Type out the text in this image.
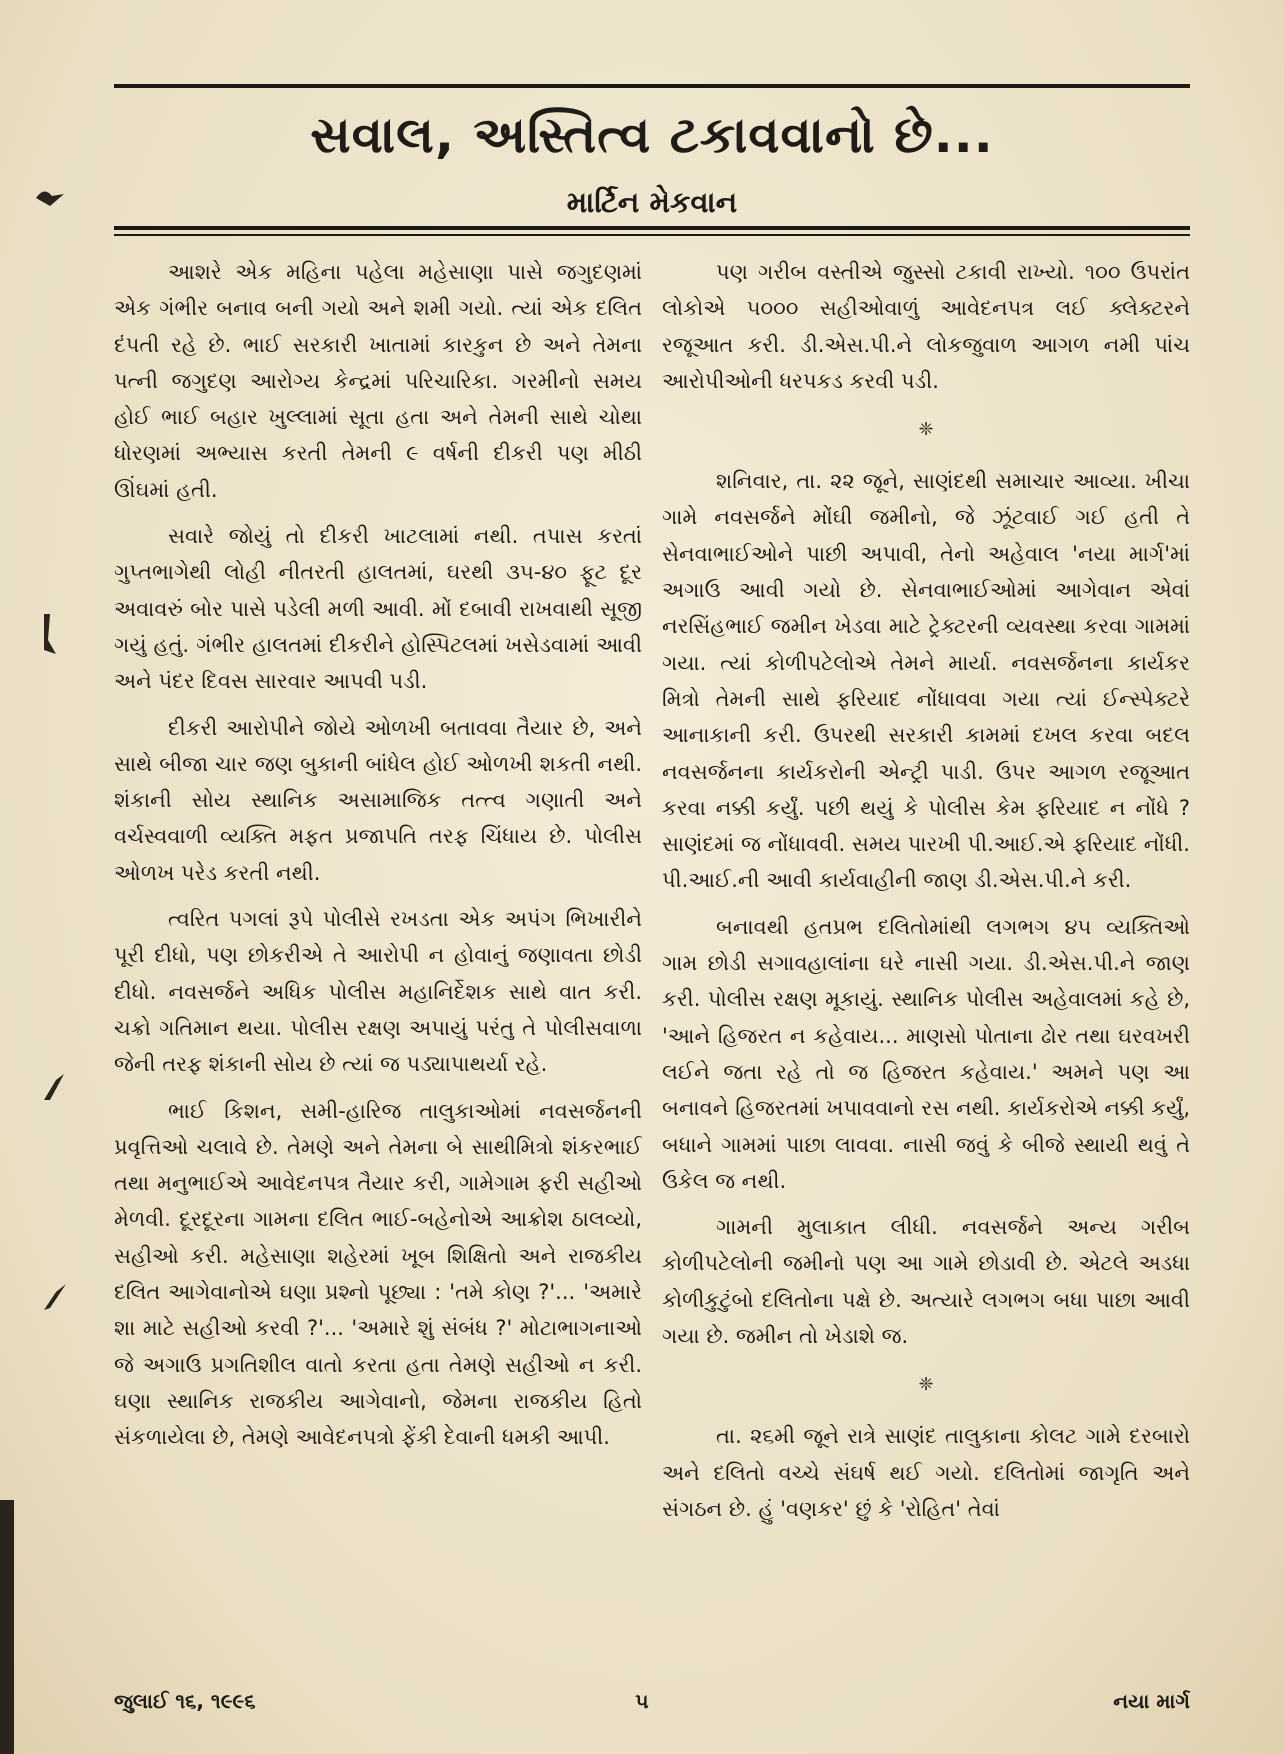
સવાલ, અસ્તિત્વ ટકાવવાનો છે...
માર્ટિન મેકવાન

આશરે એક મહિના પહેલા મહેસાણા પાસે જગુદણમાં એક ગંભીર બનાવ બની ગયો અને શમી ગયો. ત્યાં એક દલિત દંપતી રહે છે. ભાઈ સરકારી ખાતામાં કારકુન છે અને તેમના પત્ની જગુદણ આરોગ્ય કેન્દ્રમાં પરિચારિકા. ગરમીનો સમય હોઈ ભાઈ બહાર ખુલ્લામાં સૂતા હતા અને તેમની સાથે ચોથા ધોરણમાં અભ્યાસ કરતી તેમની ૯ વર્ષની દીકરી પણ મીઠી ઊંઘમાં હતી.

સવારે જોયું તો દીકરી ખાટલામાં નથી. તપાસ કરતાં ગુપ્તભાગેથી લોહી નીતરતી હાલતમાં, ઘરથી ૩૫-૪૦ ફૂટ દૂર અવાવરું બોર પાસે પડેલી મળી આવી. મોં દબાવી રાખવાથી સૂજી ગયું હતું. ગંભીર હાલતમાં દીકરીને હોસ્પિટલમાં ખસેડવામાં આવી અને પંદર દિવસ સારવાર આપવી પડી.

દીકરી આરોપીને જોયે ઓળખી બતાવવા તૈયાર છે, અને સાથે બીજા ચાર જણ બુકાની બાંધેલ હોઈ ઓળખી શકતી નથી. શંકાની સોય સ્થાનિક અસામાજિક તત્ત્વ ગણાતી અને વર્ચસ્વવાળી વ્યક્તિ મફત પ્રજાપતિ તરફ ચિંધાય છે. પોલીસ ઓળખ પરેડ કરતી નથી.

ત્વરિત પગલાં રૂપે પોલીસે રખડતા એક અપંગ ભિખારીને પૂરી દીધો, પણ છોકરીએ તે આરોપી ન હોવાનું જણાવતા છોડી દીધો. નવસર્જને અધિક પોલીસ મહાનિર્દેશક સાથે વાત કરી. ચક્રો ગતિમાન થયા. પોલીસ રક્ષણ અપાયું પરંતુ તે પોલીસવાળા જેની તરફ શંકાની સોય છે ત્યાં જ પડ્યાપાથર્યા રહે.

ભાઈ કિશન, સમી-હારિજ તાલુકાઓમાં નવસર્જનની પ્રવૃત્તિઓ ચલાવે છે. તેમણે અને તેમના બે સાથીમિત્રો શંકરભાઈ તથા મનુભાઈએ આવેદનપત્ર તૈયાર કરી, ગામેગામ ફરી સહીઓ મેળવી. દૂરદૂરના ગામના દલિત ભાઈ-બહેનોએ આક્રોશ ઠાલવ્યો, સહીઓ કરી. મહેસાણા શહેરમાં ખૂબ શિક્ષિતો અને રાજકીય દલિત આગેવાનોએ ઘણા પ્રશ્નો પૂછ્યા : 'તમે કોણ ?'... 'અમારે શા માટે સહીઓ કરવી ?'... 'અમારે શું સંબંધ ?' મોટાભાગનાઓ જે અગાઉ પ્રગતિશીલ વાતો કરતા હતા તેમણે સહીઓ ન કરી. ઘણા સ્થાનિક રાજકીય આગેવાનો, જેમના રાજકીય હિતો સંકળાયેલા છે, તેમણે આવેદનપત્રો ફેંકી દેવાની ધમકી આપી.

પણ ગરીબ વસ્તીએ જુસ્સો ટકાવી રાખ્યો. ૧૦૦ ઉપરાંત લોકોએ ૫૦૦૦ સહીઓવાળું આવેદનપત્ર લઈ ક્લેક્ટરને રજૂઆત કરી. ડી.એસ.પી.ને લોકજુવાળ આગળ નમી પાંચ આરોપીઓની ધરપકડ કરવી પડી.

❈

શનિવાર, તા. ૨૨ જૂને, સાણંદથી સમાચાર આવ્યા. ખીચા ગામે નવસર્જને મોંઘી જમીનો, જે ઝૂંટવાઈ ગઈ હતી તે સેનવાભાઈઓને પાછી અપાવી, તેનો અહેવાલ 'નયા માર્ગ'માં અગાઉ આવી ગયો છે. સેનવાભાઈઓમાં આગેવાન એવાં નરસિંહભાઈ જમીન ખેડવા માટે ટ્રેક્ટરની વ્યવસ્થા કરવા ગામમાં ગયા. ત્યાં કોળીપટેલોએ તેમને માર્યા. નવસર્જનના કાર્યકર મિત્રો તેમની સાથે ફરિયાદ નોંધાવવા ગયા ત્યાં ઈન્સ્પેક્ટરે આનાકાની કરી. ઉપરથી સરકારી કામમાં દખલ કરવા બદલ નવસર્જનના કાર્યકરોની એન્ટ્રી પાડી. ઉપર આગળ રજૂઆત કરવા નક્કી કર્યું. પછી થયું કે પોલીસ કેમ ફરિયાદ ન નોંધે ? સાણંદમાં જ નોંધાવવી. સમય પારખી પી.આઈ.એ ફરિયાદ નોંધી. પી.આઈ.ની આવી કાર્યવાહીની જાણ ડી.એસ.પી.ને કરી.

બનાવથી હતપ્રભ દલિતોમાંથી લગભગ ૪૫ વ્યક્તિઓ ગામ છોડી સગાવહાલાંના ઘરે નાસી ગયા. ડી.એસ.પી.ને જાણ કરી. પોલીસ રક્ષણ મૂકાયું. સ્થાનિક પોલીસ અહેવાલમાં કહે છે, 'આને હિજરત ન કહેવાય... માણસો પોતાના ઢોર તથા ઘરવખરી લઈને જતા રહે તો જ હિજરત કહેવાય.' અમને પણ આ બનાવને હિજરતમાં ખપાવવાનો રસ નથી. કાર્યકરોએ નક્કી કર્યું, બધાને ગામમાં પાછા લાવવા. નાસી જવું કે બીજે સ્થાયી થવું તે ઉકેલ જ નથી.

ગામની મુલાકાત લીધી. નવસર્જને અન્ય ગરીબ કોળીપટેલોની જમીનો પણ આ ગામે છોડાવી છે. એટલે અડધા કોળીકુટુંબો દલિતોના પક્ષે છે. અત્યારે લગભગ બધા પાછા આવી ગયા છે. જમીન તો ખેડાશે જ.

❈

તા. ૨૬મી જૂને રાત્રે સાણંદ તાલુકાના કોલટ ગામે દરબારો અને દલિતો વચ્ચે સંઘર્ષ થઈ ગયો. દલિતોમાં જાગૃતિ અને સંગઠન છે. હું 'વણકર' છું કે 'રોહિત' તેવાં

૫
જુલાઈ ૧૬, ૧૯૯૬	નયા માર્ગ
